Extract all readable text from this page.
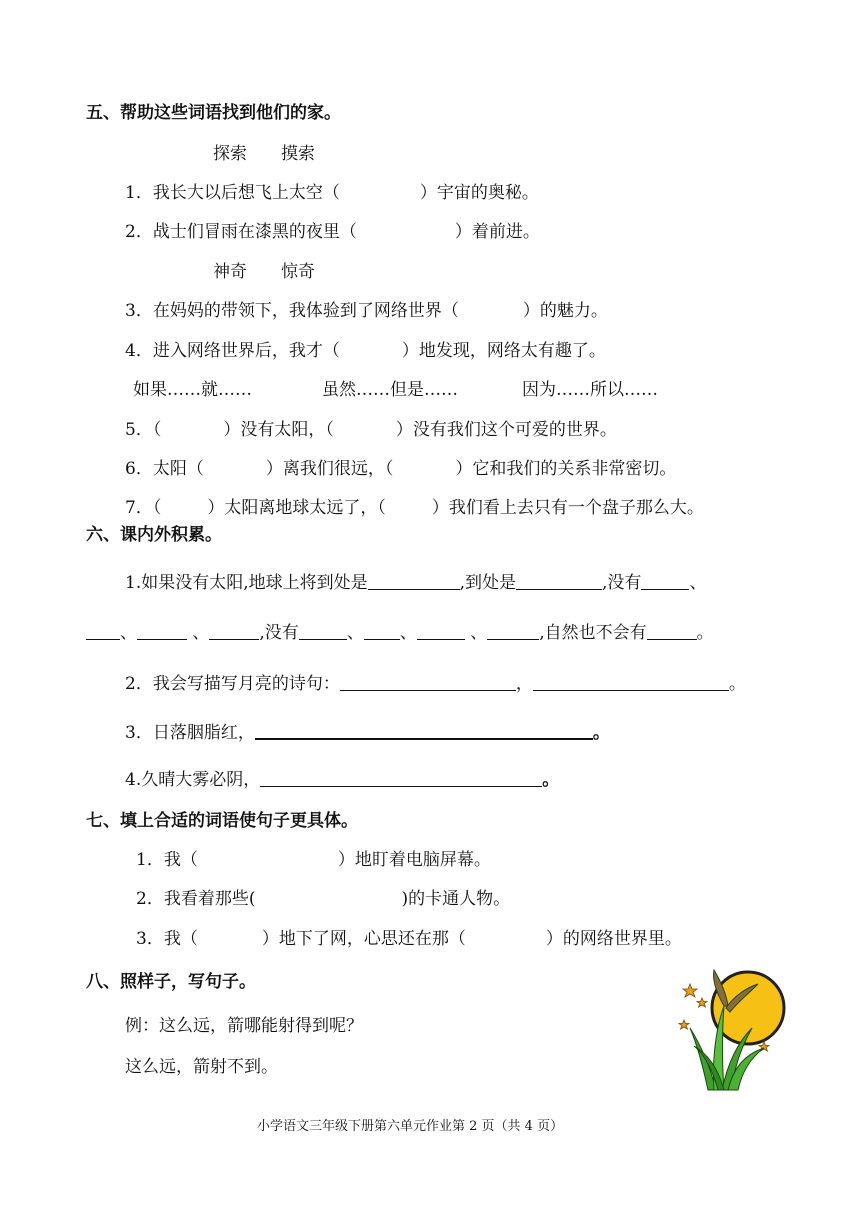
五、帮助这些词语找到他们的家。
探索　　摸索
1．我长大以后想飞上太空（	）宇宙的奥秘。
2．战士们冒雨在漆黑的夜里（	）着前进。
神奇　　惊奇
3．在妈妈的带领下，我体验到了网络世界（	）的魅力。
4．进入网络世界后，我才（	）地发现，网络太有趣了。
如果……就……	虽然……但是……	因为……所以……
5．（	）没有太阳，（	）没有我们这个可爱的世界。
6．太阳（	）离我们很远，（	）它和我们的关系非常密切。
7．（	）太阳离地球太远了，（	）我们看上去只有一个盘子那么大。
六、课内外积累。
1.如果没有太阳,地球上将到处是	,到处是	,没有	、
、	、	,没有	、 、	、	,自然也不会有	。
2．我会写描写月亮的诗句：	，	。
3．日落胭脂红，	。
4.久晴大雾必阴，	。
七、填上合适的词语使句子更具体。
1．我（	）地盯着电脑屏幕。
2．我看着那些(	)的卡通人物。
3．我（	）地下了网，心思还在那（	）的网络世界里。
八、照样子，写句子。
例：这么远，箭哪能射得到呢？
这么远，箭射不到。
小学语文三年级下册第六单元作业第 2 页（共 4 页）
